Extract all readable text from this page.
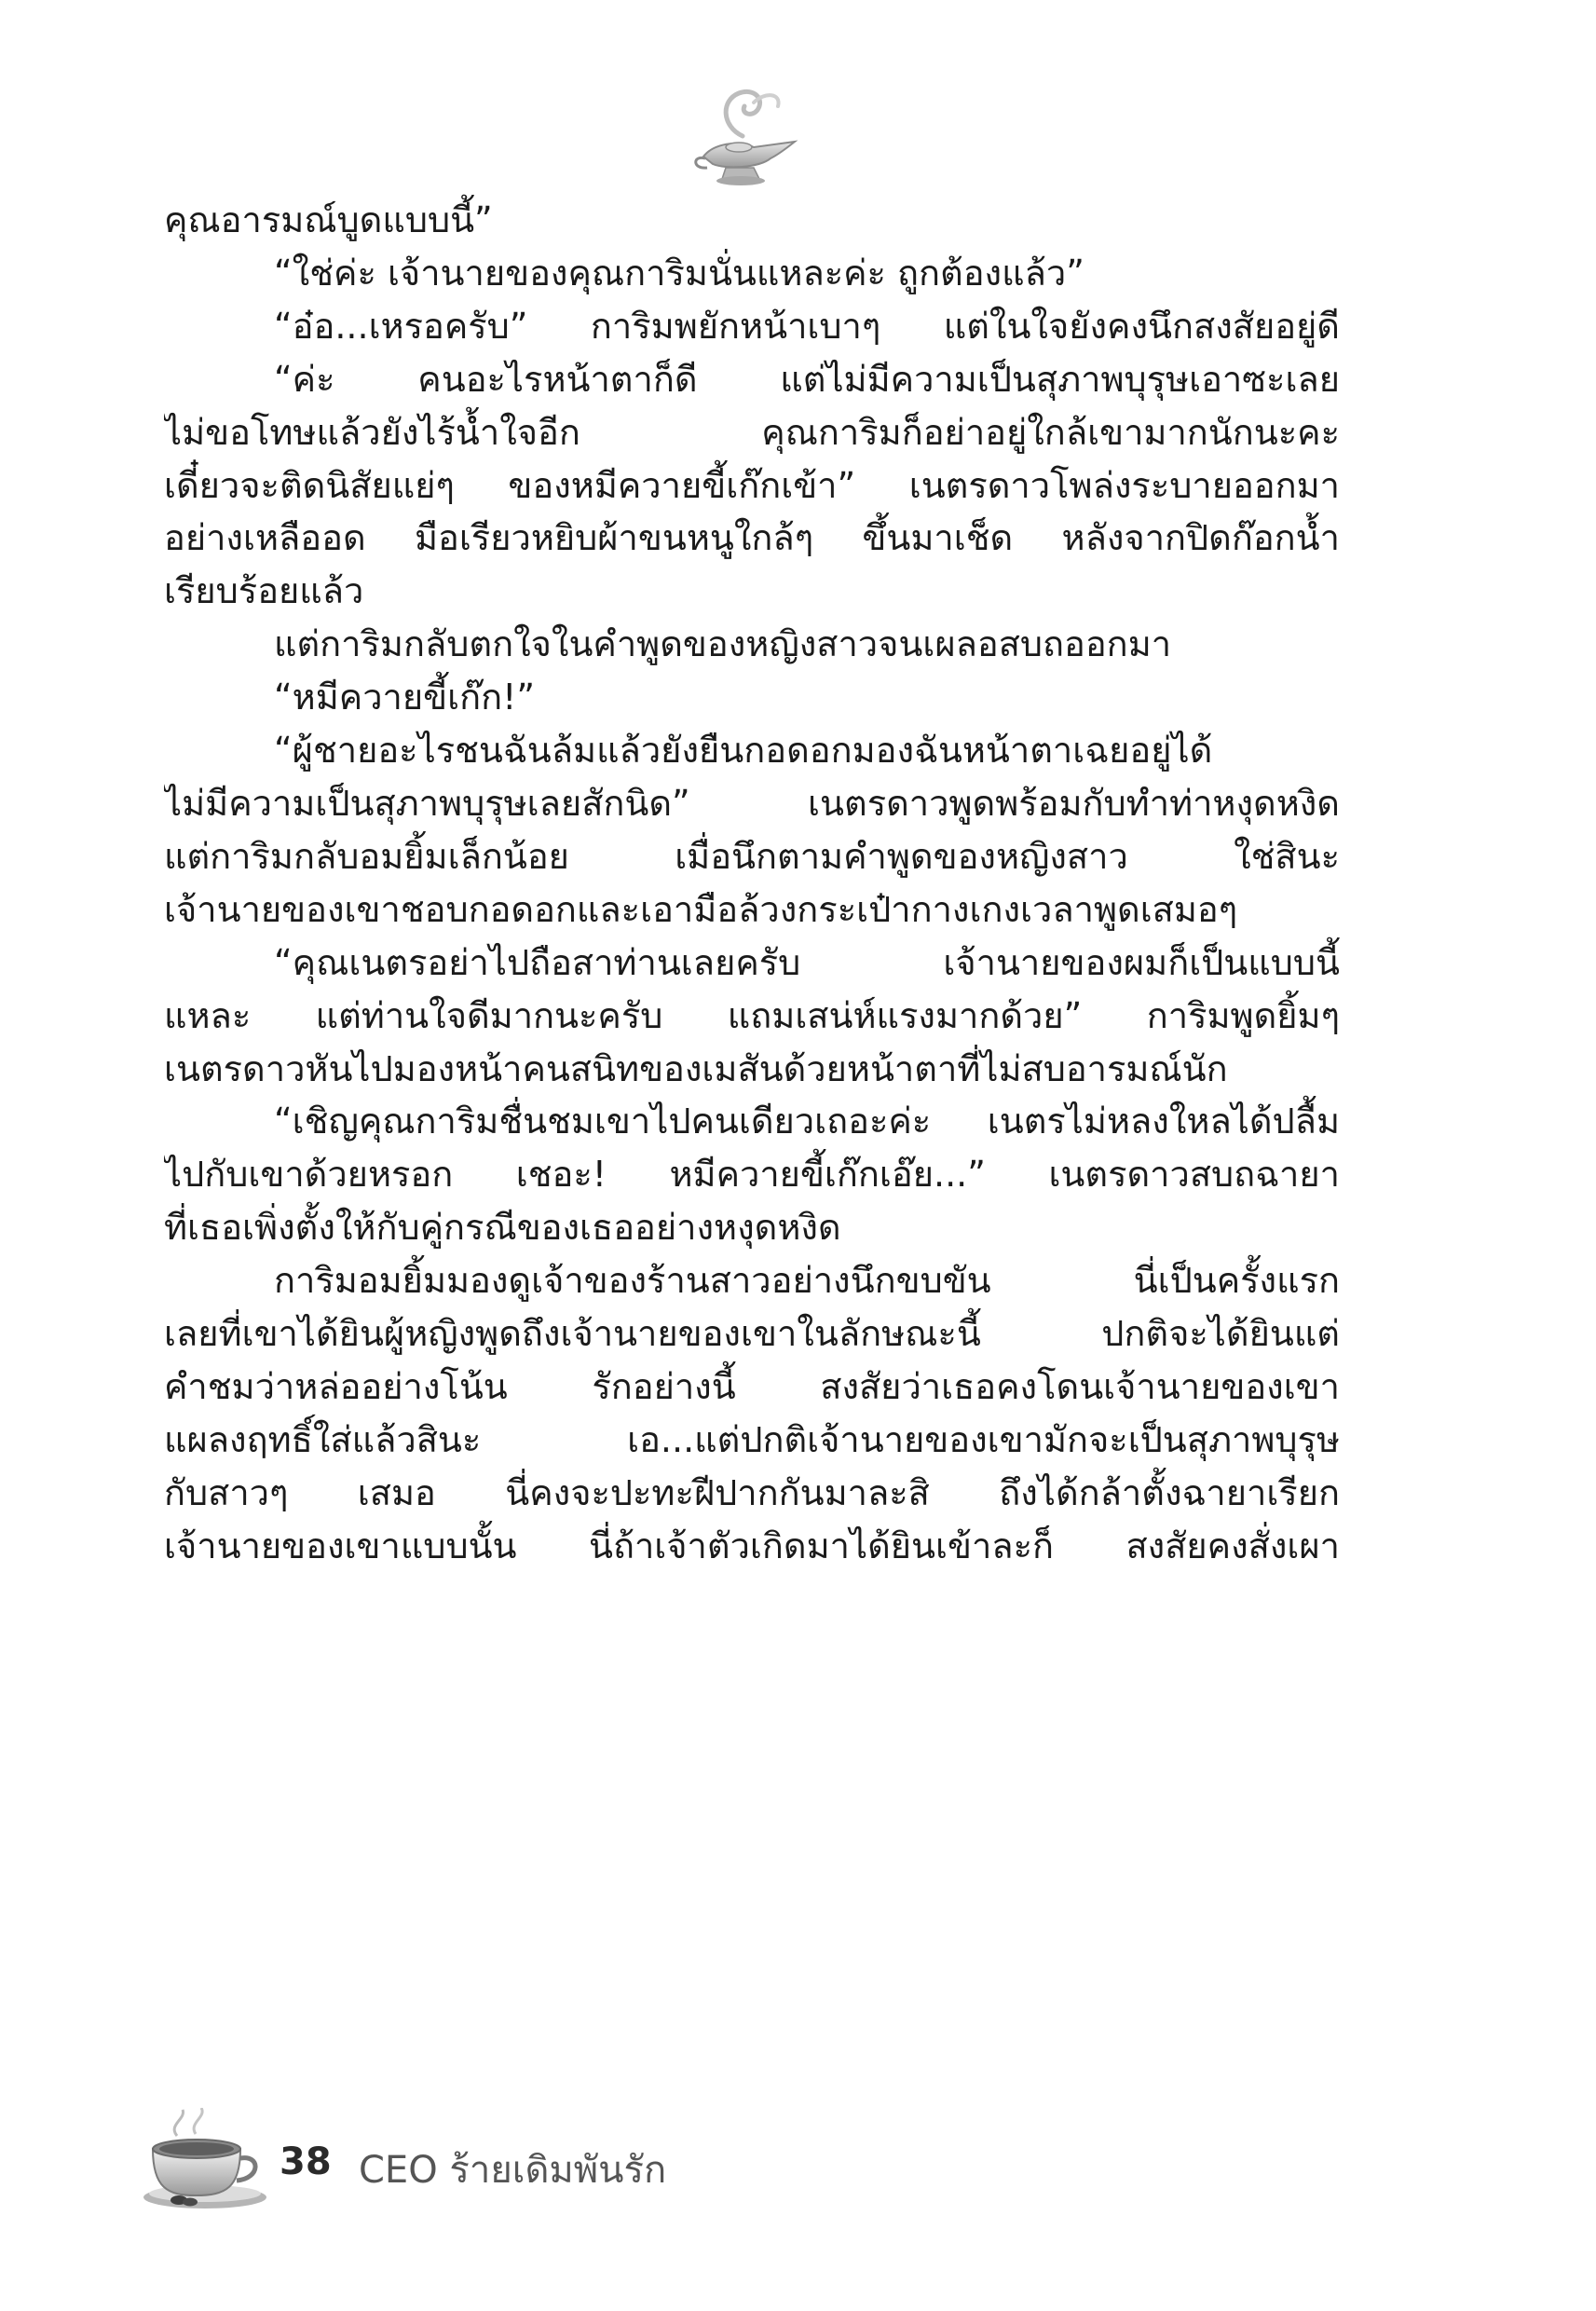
คุณอารมณ์บูดแบบนี้”

“ใช่ค่ะ เจ้านายของคุณการิมนั่นแหละค่ะ ถูกต้องแล้ว”

“อ๋อ...เหรอครับ” การิมพยักหน้าเบาๆ แต่ในใจยังคงนึกสงสัยอยู่ดี

“ค่ะ คนอะไรหน้าตาก็ดี แต่ไม่มีความเป็นสุภาพบุรุษเอาซะเลย
ไม่ขอโทษแล้วยังไร้น้ำใจอีก คุณการิมก็อย่าอยู่ใกล้เขามากนักนะคะ
เดี๋ยวจะติดนิสัยแย่ๆ ของหมีควายขี้เก๊กเข้า” เนตรดาวโพล่งระบายออกมา
อย่างเหลืออด มือเรียวหยิบผ้าขนหนูใกล้ๆ ขึ้นมาเช็ด หลังจากปิดก๊อกน้ำ
เรียบร้อยแล้ว

แต่การิมกลับตกใจในคำพูดของหญิงสาวจนเผลอสบถออกมา

“หมีควายขี้เก๊ก!”

“ผู้ชายอะไรชนฉันล้มแล้วยังยืนกอดอกมองฉันหน้าตาเฉยอยู่ได้
ไม่มีความเป็นสุภาพบุรุษเลยสักนิด” เนตรดาวพูดพร้อมกับทำท่าหงุดหงิด
แต่การิมกลับอมยิ้มเล็กน้อย เมื่อนึกตามคำพูดของหญิงสาว ใช่สินะ
เจ้านายของเขาชอบกอดอกและเอามือล้วงกระเป๋ากางเกงเวลาพูดเสมอๆ

“คุณเนตรอย่าไปถือสาท่านเลยครับ เจ้านายของผมก็เป็นแบบนี้
แหละ แต่ท่านใจดีมากนะครับ แถมเสน่ห์แรงมากด้วย” การิมพูดยิ้มๆ
เนตรดาวหันไปมองหน้าคนสนิทของเมสันด้วยหน้าตาที่ไม่สบอารมณ์นัก

“เชิญคุณการิมชื่นชมเขาไปคนเดียวเถอะค่ะ เนตรไม่หลงใหลได้ปลื้ม
ไปกับเขาด้วยหรอก เชอะ! หมีควายขี้เก๊กเอ๊ย...” เนตรดาวสบถฉายา
ที่เธอเพิ่งตั้งให้กับคู่กรณีของเธออย่างหงุดหงิด

การิมอมยิ้มมองดูเจ้าของร้านสาวอย่างนึกขบขัน นี่เป็นครั้งแรก
เลยที่เขาได้ยินผู้หญิงพูดถึงเจ้านายของเขาในลักษณะนี้ ปกติจะได้ยินแต่
คำชมว่าหล่ออย่างโน้น รักอย่างนี้ สงสัยว่าเธอคงโดนเจ้านายของเขา
แผลงฤทธิ์ใส่แล้วสินะ เอ...แต่ปกติเจ้านายของเขามักจะเป็นสุภาพบุรุษ
กับสาวๆ เสมอ นี่คงจะปะทะฝีปากกันมาละสิ ถึงได้กล้าตั้งฉายาเรียก
เจ้านายของเขาแบบนั้น นี่ถ้าเจ้าตัวเกิดมาได้ยินเข้าละก็ สงสัยคงสั่งเผา

38 CEO ร้ายเดิมพันรัก
